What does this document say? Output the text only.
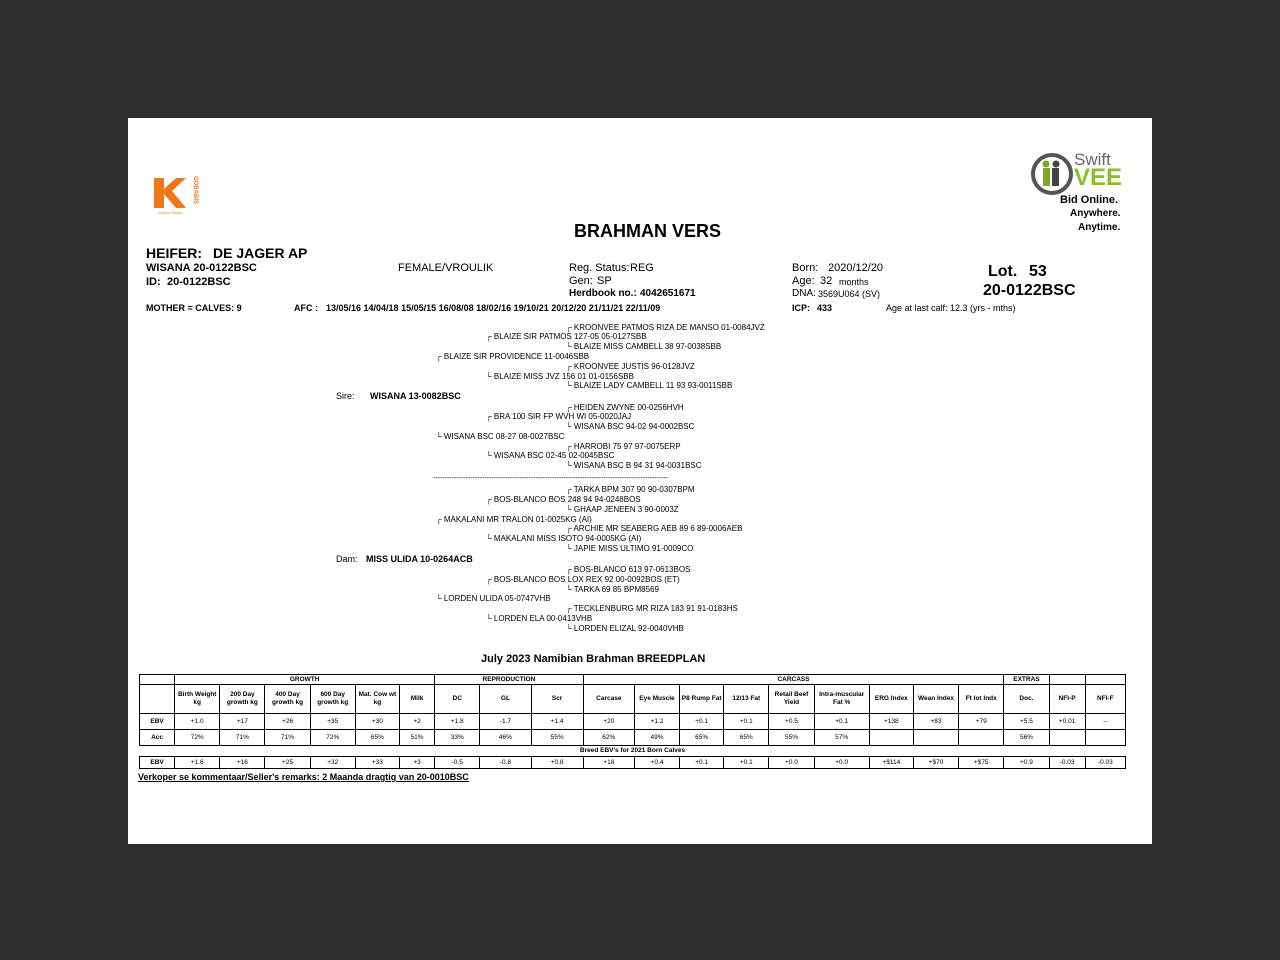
GOBABIS
Karoo Ochse
Swift
VEE
Bid Online.
Anywhere.
Anytime.
BRAHMAN VERS
HEIFER: DE JAGER AP
WISANA 20-0122BSC
ID: 20-0122BSC
FEMALE/VROULIK	Reg. Status: REG
Gen: SP
Herdbook no.: 4042651671
Born: 2020/12/20
Age: 32 months
DNA: 3569U064 (SV)
Lot. 53
20-0122BSC
MOTHER = CALVES: 9	AFC : 13/05/16 14/04/18 15/05/15 16/08/08 18/02/16 19/10/21 20/12/20 21/11/21 22/11/09	ICP: 433	Age at last calf: 12.3 (yrs - mths)
┌ KROONVEE PATMOS RIZA DE MANSO 01-0084JVZ
┌ BLAIZE SIR PATMOS 127-05 05-0127SBB
└ BLAIZE MISS CAMBELL 38 97-0038SBB
┌ BLAIZE SIR PROVIDENCE 11-0046SBB
┌ KROONVEE JUSTIS 96-0128JVZ
└ BLAIZE MISS JVZ 156 01 01-0156SBB
└ BLAIZE LADY CAMBELL 11 93 93-0011SBB
Sire: WISANA 13-0082BSC
┌ HEIDEN ZWYNE 00-0256HVH
┌ BRA 100 SIR FP WVH WI 05-0020JAJ
└ WISANA BSC 94-02 94-0002BSC
└ WISANA BSC 08-27 08-0027BSC
┌ HARROBI 75 97 97-0075ERP
└ WISANA BSC 02-45 02-0045BSC
└ WISANA BSC B 94 31 94-0031BSC
-----------------------------------------------------------------------------------------------------
┌ TARKA BPM 307 90 90-0307BPM
┌ BOS-BLANCO BOS 248 94 94-0248BOS
└ GHAAP JENEEN 3 90-0003Z
┌ MAKALANI MR TRALON 01-0025KG (AI)
┌ ARCHIE MR SEABERG AEB 89 6 89-0006AEB
└ MAKALANI MISS ISOTO 94-0005KG (AI)
└ JAPIE MISS ULTIMO 91-0009CO
Dam: MISS ULIDA 10-0264ACB
┌ BOS-BLANCO 613 97-0613BOS
┌ BOS-BLANCO BOS LOX REX 92 00-0092BOS (ET)
└ TARKA 69 85 BPM8569
└ LORDEN ULIDA 05-0747VHB
┌ TECKLENBURG MR RIZA 183 91 91-0183HS
└ LORDEN ELA 00-0413VHB
└ LORDEN ELIZAL 92-0040VHB
July 2023 Namibian Brahman BREEDPLAN
	GROWTH						REPRODUCTION			CARCASS									EXTRAS		
	Birth Weight kg	200 Day growth kg	400 Day growth kg	600 Day growth kg	Mat. Cow wt kg	Milk	DC	GL	Scr	Carcase	Eye Muscle	P8 Rump Fat	12/13 Fat	Retail Beef Yield	Intra-muscular Fat %	ERG Index	Wean Index	Ft lot Indx	Doc.	NFI-P	NFI-F
EBV	+1.0	+17	+26	+35	+30	+2	+1.8	-1.7	+1.4	+20	+1.2	+0.1	+0.1	+0.5	+0.1	+138	+83	+79	+5.5	+0.01	--
Acc	72%	71%	71%	72%	65%	51%	33%	46%	55%	62%	49%	65%	65%	55%	57%				56%		
Breed EBV's for 2021 Born Calves																					
EBV	+1.6	+16	+25	+32	+33	+3	-0.5	-0.8	+0.8	+18	+0.4	+0.1	+0.1	+0.0	+0.0	+$114	+$70	+$75	+0.9	-0.03	-0.03
Verkoper se kommentaar/Seller's remarks: 2 Maanda dragtig van 20-0010BSC
